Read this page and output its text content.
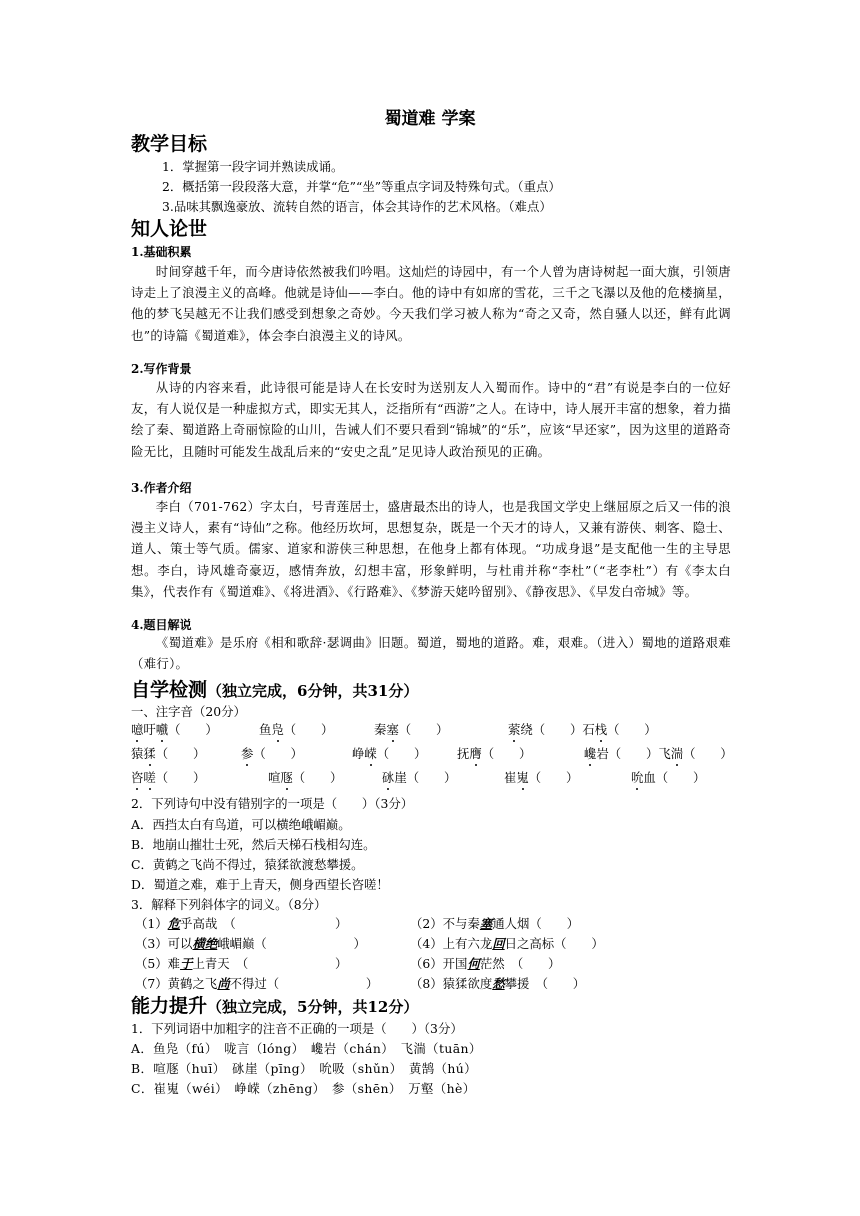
蜀道难 学案
教学目标
1．掌握第一段字词并熟读成诵。
2．概括第一段段落大意，并掌“危”“坐”等重点字词及特殊句式。（重点）
3.品味其飘逸豪放、流转自然的语言，体会其诗作的艺术风格。（难点）
知人论世
1.基础积累
时间穿越千年，而今唐诗依然被我们吟唱。这灿烂的诗园中，有一个人曾为唐诗树起一面大旗，引领唐诗走上了浪漫主义的高峰。他就是诗仙——李白。他的诗中有如席的雪花，三千之飞瀑以及他的危楼摘星，他的梦飞吴越无不让我们感受到想象之奇妙。今天我们学习被人称为“奇之又奇，然自骚人以还，鲜有此调也”的诗篇《蜀道难》，体会李白浪漫主义的诗风。
2.写作背景
从诗的内容来看，此诗很可能是诗人在长安时为送别友人入蜀而作。诗中的“君”有说是李白的一位好友，有人说仅是一种虚拟方式，即实无其人，泛指所有“西游”之人。在诗中，诗人展开丰富的想象，着力描绘了秦、蜀道路上奇丽惊险的山川，告诫人们不要只看到“锦城”的“乐”，应该“早还家”，因为这里的道路奇险无比，且随时可能发生战乱后来的“安史之乱”足见诗人政治预见的正确。
3.作者介绍
李白（701-762）字太白，号青莲居士，盛唐最杰出的诗人，也是我国文学史上继屈原之后又一伟的浪漫主义诗人，素有“诗仙”之称。他经历坎坷，思想复杂，既是一个天才的诗人，又兼有游侠、刺客、隐士、道人、策士等气质。儒家、道家和游侠三种思想，在他身上都有体现。“功成身退”是支配他一生的主导思想。李白，诗风雄奇豪迈，感情奔放，幻想丰富，形象鲜明，与杜甫并称“李杜”（“老李杜”）有《李太白集》，代表作有《蜀道难》、《将进酒》、《行路难》、《梦游天姥吟留别》、《静夜思》、《早发白帝城》等。
4.题目解说
《蜀道难》是乐府《相和歌辞·瑟调曲》旧题。蜀道，蜀地的道路。难，艰难。（进入）蜀地的道路艰难（难行）。
自学检测（独立完成，6分钟，共31分）
一、注字音（20分）
噫吁嚱（　　）	鱼凫（　　）	秦塞（　　）	萦绕（　　）石栈（　　）
猿猱（　　）	参（　　）	峥嵘（　　） 抚膺（　　）	巉岩（　　）飞湍（　　）
咨嗟（　　）	喧豗（　　）	砯崖（　　）	崔嵬（　　）	吮血（　　）
2．下列诗句中没有错别字的一项是（　　）（3分）
A．西挡太白有鸟道，可以横绝峨嵋巅。
B．地崩山摧壮士死，然后天梯石栈相勾连。
C．黄鹤之飞尚不得过，猿猱欲渡愁攀援。
D．蜀道之难，难于上青天，侧身西望长咨嗟！
3．解释下列斜体字的词义。（8分）
（1）危乎高哉　（　　　　　　　　）	（2）不与秦塞通人烟（　　）
（3）可以横绝峨嵋巅（　　　　　　　）	（4）上有六龙回日之高标（　　）
（5）难于上青天　（　　　　　　　）	（6）开国何茫然　（　　）
（7）黄鹤之飞尚不得过（　　　　　　　）	（8）猿猱欲度愁攀援　（　　）
能力提升（独立完成，5分钟，共12分）
1．下列词语中加粗字的注音不正确的一项是（　　）（3分）
A．鱼凫（fú）　咙言（lóng）　巉岩（chán）　飞湍（tuān）
B．喧豗（huī）　砯崖（pīng）　吮吸（shǔn）　黄鹄（hú）
C．崔嵬（wéi）　峥嵘（zhēng）　参（shēn）　万壑（hè）
